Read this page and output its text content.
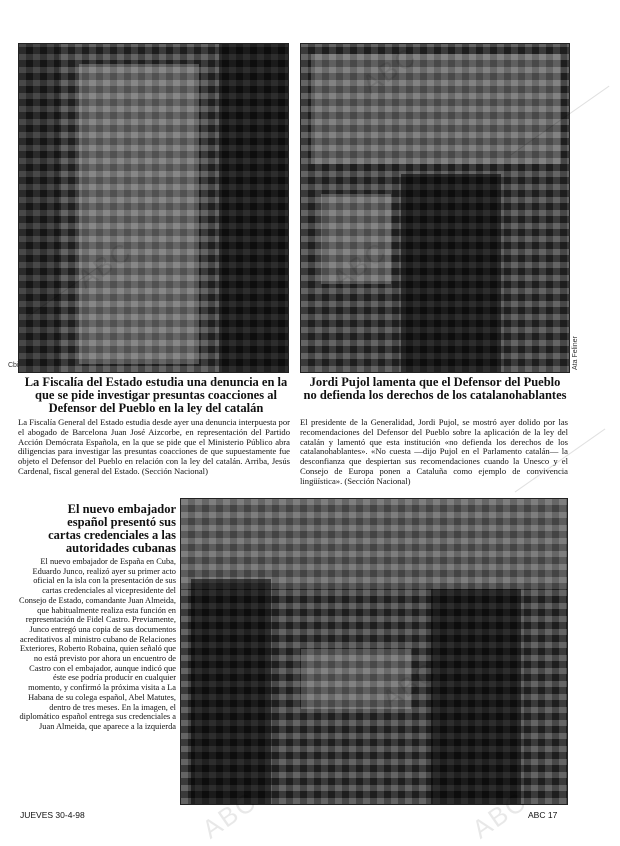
Cbi	Ata Feliner
La Fiscalía del Estado estudia una denuncia en la que se pide investigar presuntas coacciones al Defensor del Pueblo en la ley del catalán
La Fiscalía General del Estado estudia desde ayer una denuncia interpuesta por el abogado de Barcelona Juan José Aizcorbe, en representación del Partido Acción Demócrata Española, en la que se pide que el Ministerio Público abra diligencias para investigar las presuntas coacciones de que supuestamente fue objeto el Defensor del Pueblo en relación con la ley del catalán. Arriba, Jesús Cardenal, fiscal general del Estado. (Sección Nacional)
Jordi Pujol lamenta que el Defensor del Pueblo no defienda los derechos de los catalanohablantes
El presidente de la Generalidad, Jordi Pujol, se mostró ayer dolido por las recomendaciones del Defensor del Pueblo sobre la aplicación de la ley del catalán y lamentó que esta institución «no defienda los derechos de los catalanohablantes». «No cuesta —dijo Pujol en el Parlamento catalán— la desconfianza que despiertan sus recomendaciones cuando la Unesco y el Consejo de Europa ponen a Cataluña como ejemplo de convivencia lingüística». (Sección Nacional)
El nuevo embajador español presentó sus cartas credenciales a las autoridades cubanas
El nuevo embajador de España en Cuba, Eduardo Junco, realizó ayer su primer acto oficial en la isla con la presentación de sus cartas credenciales al vicepresidente del Consejo de Estado, comandante Juan Almeida, que habitualmente realiza esta función en representación de Fidel Castro. Previamente, Junco entregó una copia de sus documentos acreditativos al ministro cubano de Relaciones Exteriores, Roberto Robaina, quien señaló que no está previsto por ahora un encuentro de Castro con el embajador, aunque indicó que éste ese podría producir en cualquier momento, y confirmó la próxima visita a La Habana de su colega español, Abel Matutes, dentro de tres meses. En la imagen, el diplomático español entrega sus credenciales a Juan Almeida, que aparece a la izquierda
JUEVES 30-4-98	ABC 17
ABC	ABC
